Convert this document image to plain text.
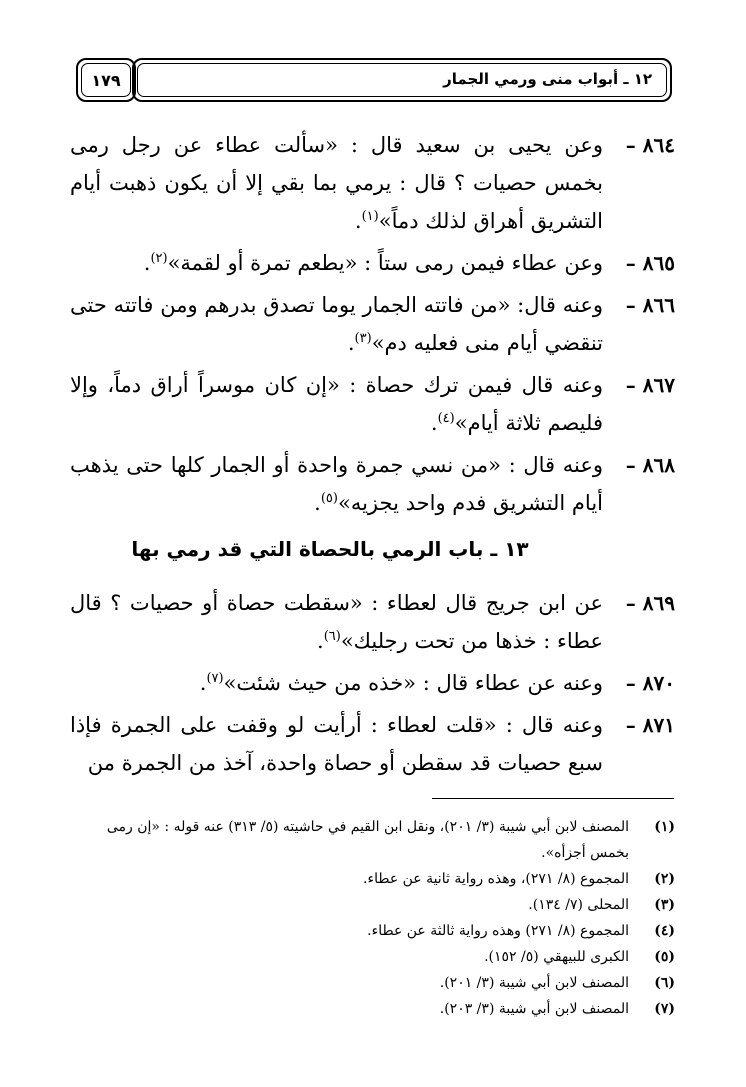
١٢ ـ أبواب منى ورمي الجمار
١٧٩
٨٦٤ –
وعن يحيى بن سعيد قال : «سألت عطاء عن رجل رمى بخمس حصيات ؟ قال : يرمي بما بقي إلا أن يكون ذهبت أيام التشريق أهراق لذلك دماً»$^{(١)}$.
٨٦٥ –
وعن عطاء فيمن رمى ستاً : «يطعم تمرة أو لقمة»$^{(٢)}$.
٨٦٦ –
وعنه قال: «من فاتته الجمار يوما تصدق بدرهم ومن فاتته حتى تنقضي أيام منى فعليه دم»$^{(٣)}$.
٨٦٧ –
وعنه قال فيمن ترك حصاة : «إن كان موسراً أراق دماً، وإلا فليصم ثلاثة أيام»$^{(٤)}$.
٨٦٨ –
وعنه قال : «من نسي جمرة واحدة أو الجمار كلها حتى يذهب أيام التشريق فدم واحد يجزيه»$^{(٥)}$.
١٣ ـ باب الرمي بالحصاة التي قد رمي بها
٨٦٩ –
عن ابن جريج قال لعطاء : «سقطت حصاة أو حصيات ؟ قال عطاء : خذها من تحت رجليك»$^{(٦)}$.
٨٧٠ –
وعنه عن عطاء قال : «خذه من حيث شئت»$^{(٧)}$.
٨٧١ –
وعنه قال : «قلت لعطاء : أرأيت لو وقفت على الجمرة فإذا سبع حصيات قد سقطن أو حصاة واحدة، آخذ من الجمرة من
(١)
المصنف لابن أبي شيبة (٣/ ٢٠١)، ونقل ابن القيم في حاشيته (٥/ ٣١٣) عنه قوله : «إن رمى بخمس أجزأه».
(٢)
المجموع (٨/ ٢٧١)، وهذه رواية ثانية عن عطاء.
(٣)
المحلى (٧/ ١٣٤).
(٤)
المجموع (٨/ ٢٧١) وهذه رواية ثالثة عن عطاء.
(٥)
الكبرى للبيهقي (٥/ ١٥٢).
(٦)
المصنف لابن أبي شيبة (٣/ ٢٠١).
(٧)
المصنف لابن أبي شيبة (٣/ ٢٠٣).
